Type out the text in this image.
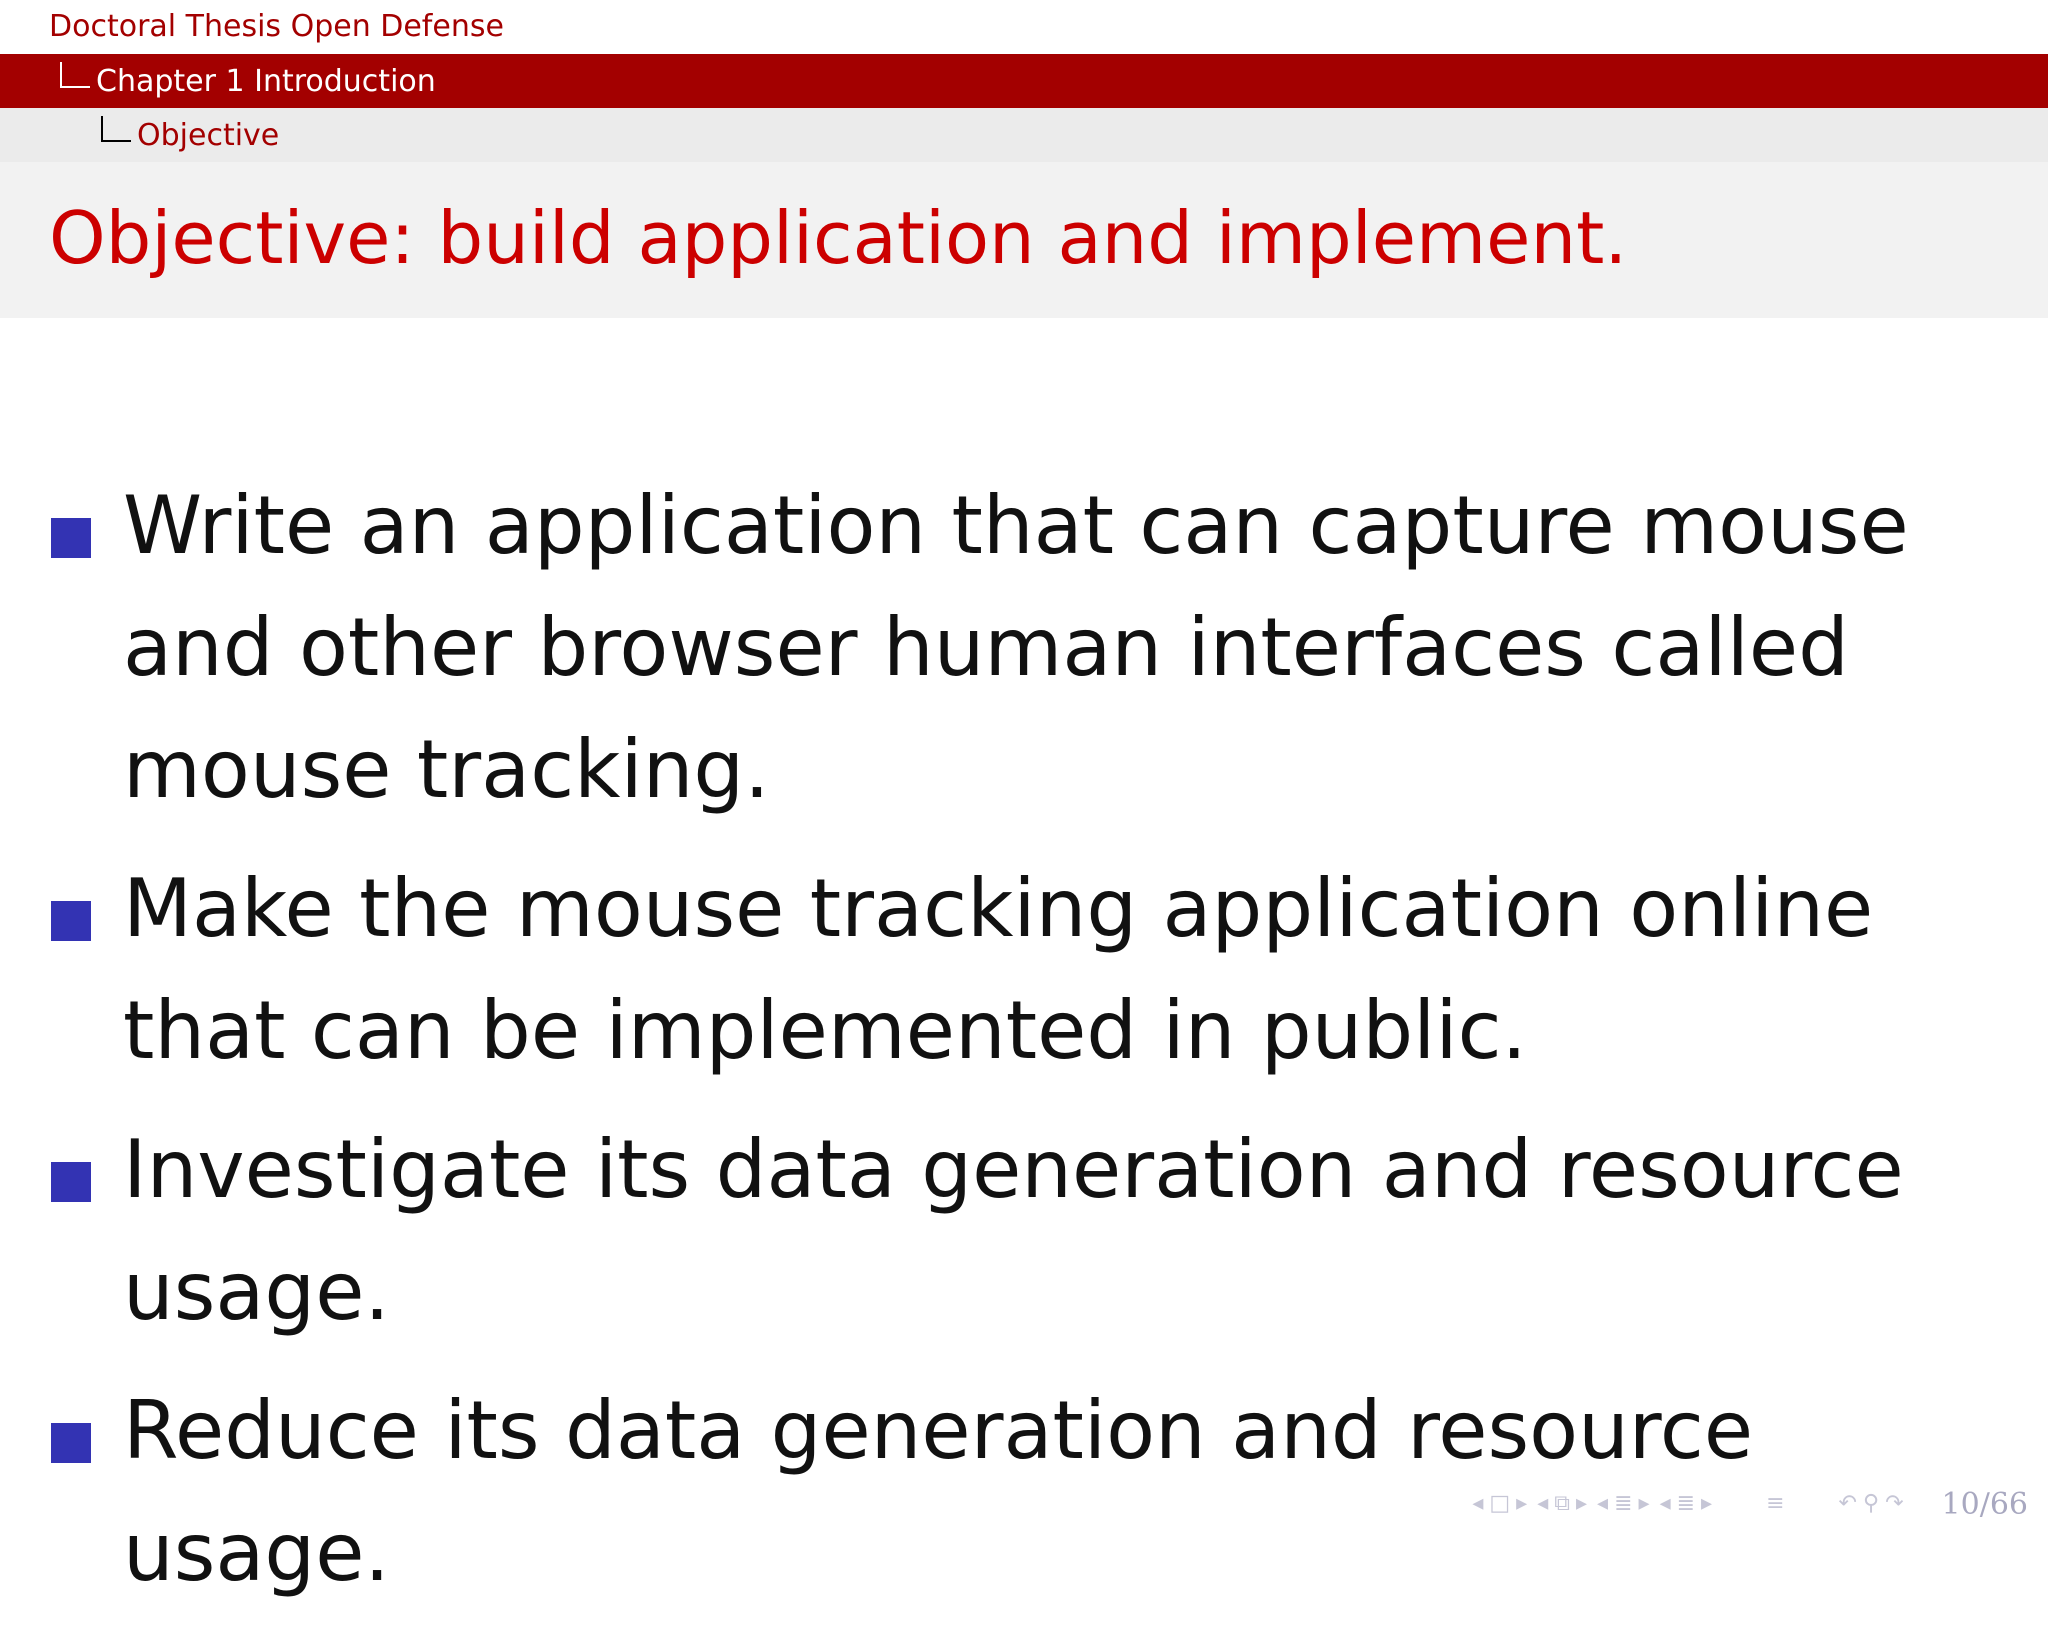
Doctoral Thesis Open Defense
Chapter 1 Introduction
Objective
Objective: build application and implement.
Write an application that can capture mouse and other browser human interfaces called mouse tracking.
Make the mouse tracking application online that can be implemented in public.
Investigate its data generation and resource usage.
Reduce its data generation and resource usage.
◂ □ ▸ ◂ ⧉ ▸ ◂ ≣ ▸ ◂ ≣ ▸ ≡ ↶ ⚲ ↷ 10/66
